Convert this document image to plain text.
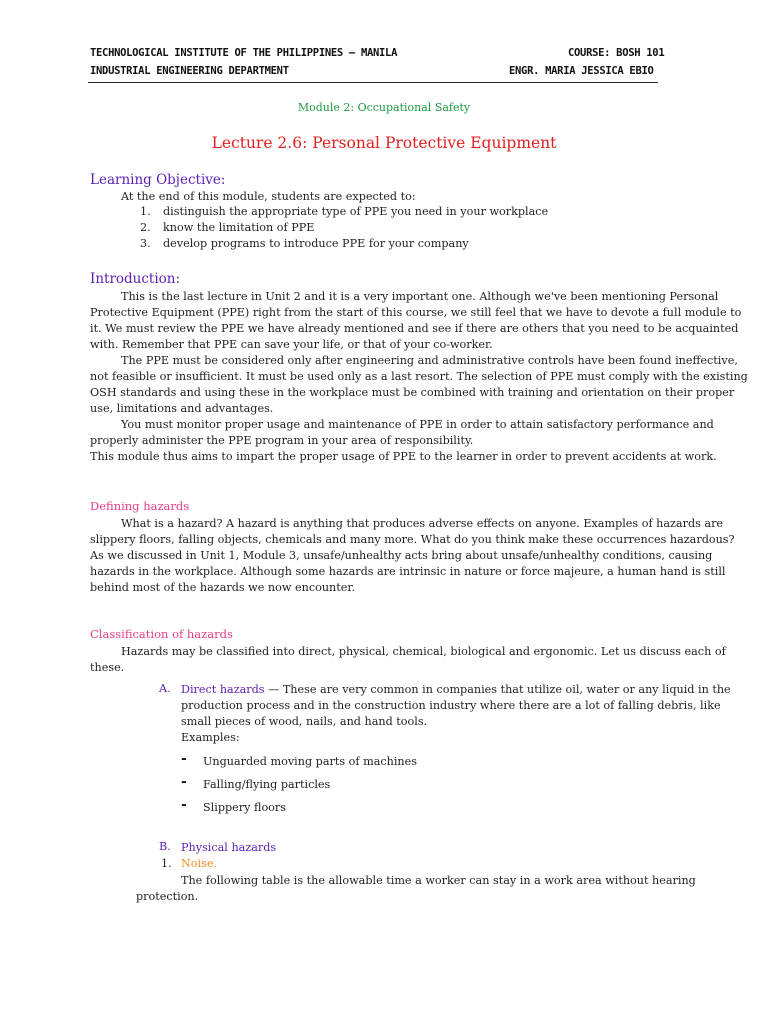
TECHNOLOGICAL INSTITUTE OF THE PHILIPPINES – MANILA
INDUSTRIAL ENGINEERING DEPARTMENT
COURSE: BOSH 101
ENGR. MARIA JESSICA EBIO
Module 2: Occupational Safety
Lecture 2.6: Personal Protective Equipment
Learning Objective:
At the end of this module, students are expected to:
1. distinguish the appropriate type of PPE you need in your workplace
2. know the limitation of PPE
3. develop programs to introduce PPE for your company
Introduction:
This is the last lecture in Unit 2 and it is a very important one. Although we've been mentioning Personal
Protective Equipment (PPE) right from the start of this course, we still feel that we have to devote a full module to
it. We must review the PPE we have already mentioned and see if there are others that you need to be acquainted
with. Remember that PPE can save your life, or that of your co-worker.
The PPE must be considered only after engineering and administrative controls have been found ineffective,
not feasible or insufficient. It must be used only as a last resort. The selection of PPE must comply with the existing
OSH standards and using these in the workplace must be combined with training and orientation on their proper
use, limitations and advantages.
You must monitor proper usage and maintenance of PPE in order to attain satisfactory performance and
properly administer the PPE program in your area of responsibility.
This module thus aims to impart the proper usage of PPE to the learner in order to prevent accidents at work.
Defining hazards
What is a hazard? A hazard is anything that produces adverse effects on anyone. Examples of hazards are
slippery floors, falling objects, chemicals and many more. What do you think make these occurrences hazardous?
As we discussed in Unit 1, Module 3, unsafe/unhealthy acts bring about unsafe/unhealthy conditions, causing
hazards in the workplace. Although some hazards are intrinsic in nature or force majeure, a human hand is still
behind most of the hazards we now encounter.
Classification of hazards
Hazards may be classified into direct, physical, chemical, biological and ergonomic. Let us discuss each of
these.
A. Direct hazards — These are very common in companies that utilize oil, water or any liquid in the
production process and in the construction industry where there are a lot of falling debris, like
small pieces of wood, nails, and hand tools.
Examples:
- Unguarded moving parts of machines
- Falling/flying particles
- Slippery floors
B. Physical hazards
1. Noise.
The following table is the allowable time a worker can stay in a work area without hearing
protection.
